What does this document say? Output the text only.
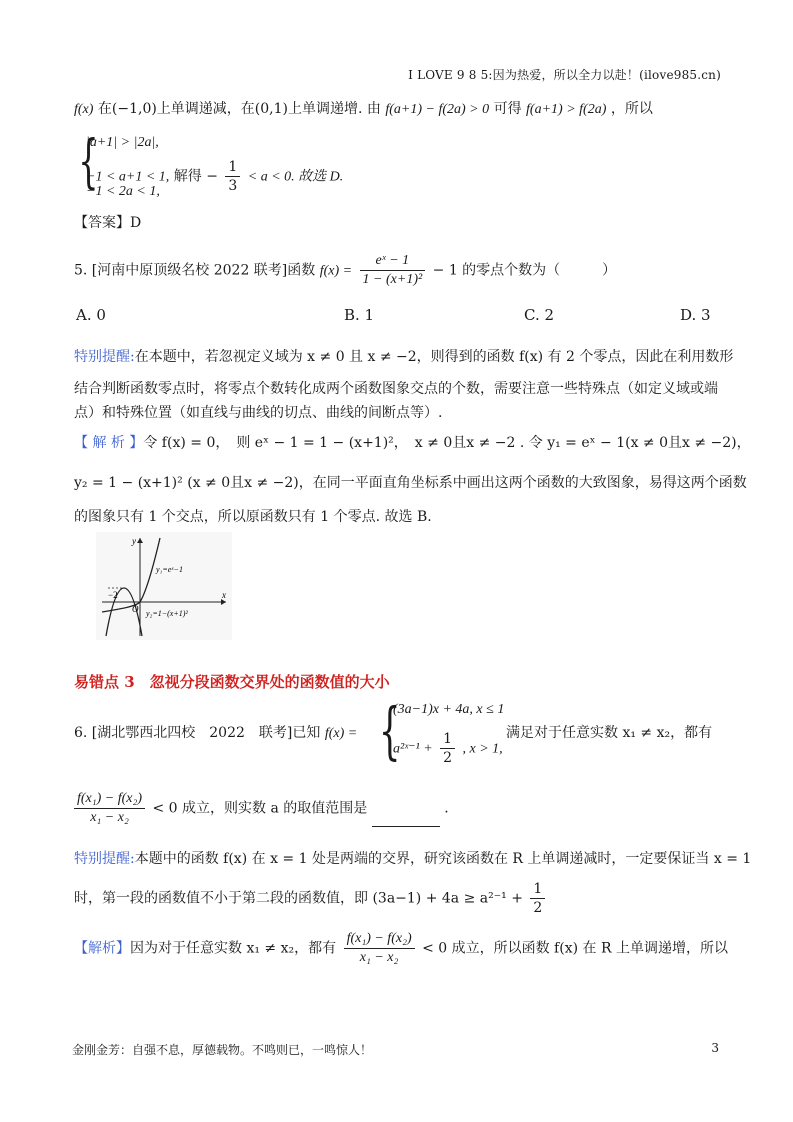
I LOVE 9 8 5:因为热爱，所以全力以赴！(ilove985.cn)
f(x) 在(−1,0)上单调递减，在(0,1)上单调递增. 由 f(a+1) − f(2a) > 0 可得 f(a+1) > f(2a) ，所以
{
|a+1| > |2a|,
−1 < a+1 < 1, 解得 − $\frac{1}{3} < a < 0$. 故选 D.
−1 < 2a < 1,
【答案】D
5. [河南中原顶级名校 2022 联考]函数 $f(x) = \frac{\text{eˣ − 1}}{\text{1 − (x+1)²}} - 1$ 的零点个数为（　　　）
A. 0	B. 1	C. 2	D. 3
特别提醒:在本题中，若忽视定义域为 x ≠ 0 且 x ≠ −2，则得到的函数 f(x) 有 2 个零点，因此在利用数形
结合判断函数零点时，将零点个数转化成两个函数图象交点的个数，需要注意一些特殊点（如定义域或端
点）和特殊位置（如直线与曲线的切点、曲线的间断点等）.
【 解 析 】令 f(x) = 0，　则 eˣ − 1 = 1 − (x+1)²，　x ≠ 0且x ≠ −2 . 令 y₁ = eˣ − 1(x ≠ 0且x ≠ −2)，
y₂ = 1 − (x+1)² (x ≠ 0且x ≠ −2)，在同一平面直角坐标系中画出这两个函数的大致图象，易得这两个函数
的图象只有 1 个交点，所以原函数只有 1 个零点. 故选 B.
y
x
−2
O
y₁=eˣ−1
y₂=1−(x+1)²
易错点 3　忽视分段函数交界处的函数值的大小
6. [湖北鄂西北四校　2022　联考]已知 f(x) = {
(3a−1)x + 4a, x ≤ 1
a²ˣ⁻¹ + $\frac{1}{2}$ , x > 1,
满足对于任意实数 x₁ ≠ x₂，都有
$\frac{\text{f(x₁) − f(x₂)}}{\text{x₁ − x₂}} < 0$ 成立，则实数 a 的取值范围是	.
特别提醒:本题中的函数 f(x) 在 x = 1 处是两端的交界，研究该函数在 R 上单调递减时，一定要保证当 x = 1
时，第一段的函数值不小于第二段的函数值，即 $(3a-1) + 4a \ge a^{2-1} + \frac{1}{2}$
【解析】因为对于任意实数 x₁ ≠ x₂，都有 $\frac{\text{f(x₁) − f(x₂)}}{\text{x₁ − x₂}} < 0$ 成立，所以函数 f(x) 在 R 上单调递增，所以
金刚金芳：自强不息，厚德载物。不鸣则已，一鸣惊人！	3
